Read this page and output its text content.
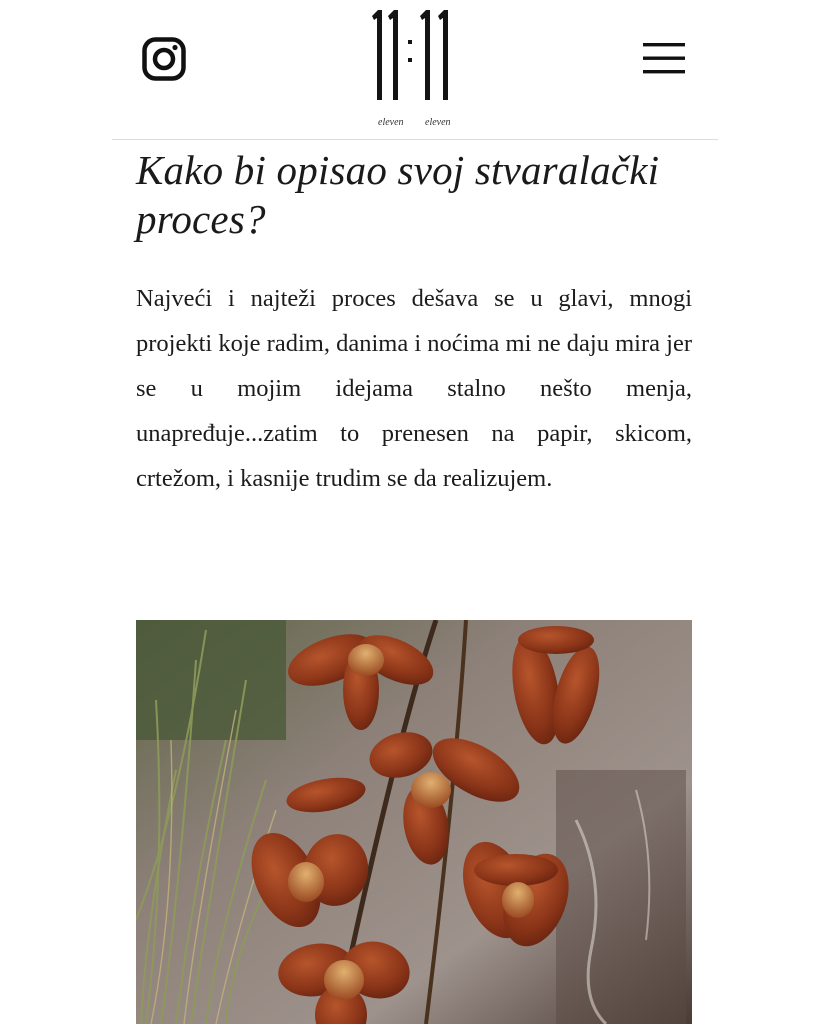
eleven eleven
Kako bi opisao svoj stvaralački proces?

Najveći i najteži proces dešava se u glavi, mnogi projekti koje radim, danima i noćima mi ne daju mira jer se u mojim idejama stalno nešto menja, unapređuje...zatim to prenesen na papir, skicom, crtežom, i kasnije trudim se da realizujem.
